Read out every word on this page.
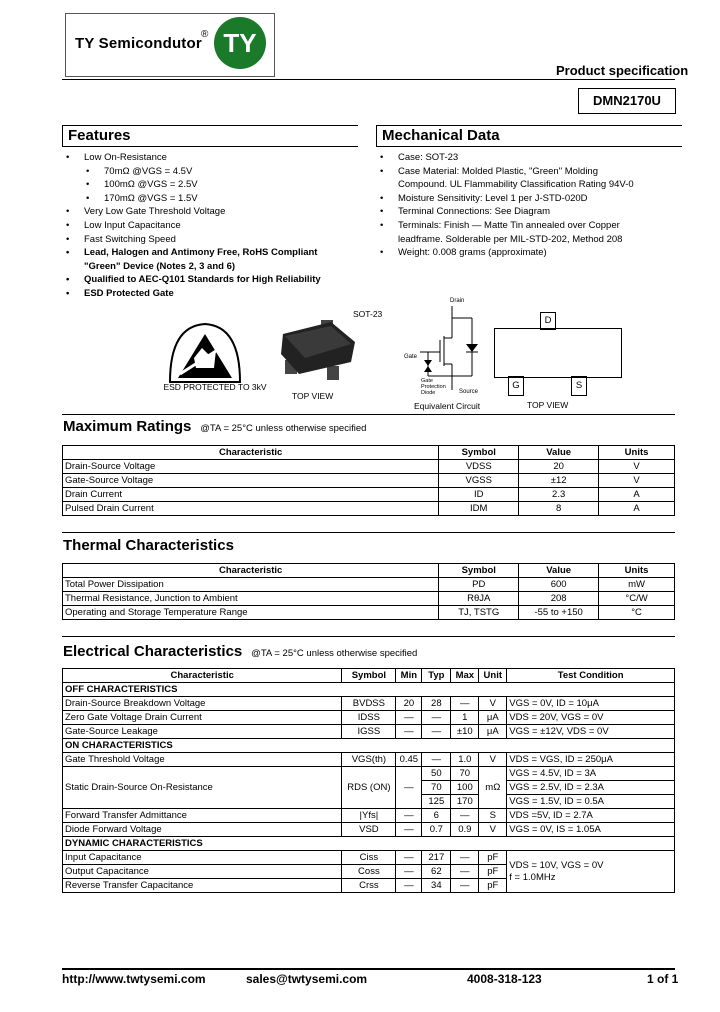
TY Semicondutor
® TY
Product specification
DMN2170U
Features
• Low On-Resistance
• 70mΩ @VGS = 4.5V
• 100mΩ @VGS = 2.5V
• 170mΩ @VGS = 1.5V
• Very Low Gate Threshold Voltage
• Low Input Capacitance
• Fast Switching Speed
• Lead, Halogen and Antimony Free, RoHS Compliant
"Green" Device (Notes 2, 3 and 6)
• Qualified to AEC-Q101 Standards for High Reliability
• ESD Protected Gate
Mechanical Data
• Case: SOT-23
• Case Material: Molded Plastic, "Green" Molding
Compound. UL Flammability Classification Rating 94V-0
• Moisture Sensitivity: Level 1 per J-STD-020D
• Terminal Connections: See Diagram
• Terminals: Finish — Matte Tin annealed over Copper
leadframe. Solderable per MIL-STD-202, Method 208
• Weight: 0.008 grams (approximate)
ESD PROTECTED TO 3kV
SOT-23
TOP VIEW
Drain
Gate
Gate
Protection
Diode	Source
Equivalent Circuit
D
G	S
TOP VIEW
Maximum Ratings @TA = 25°C unless otherwise specified
Characteristic	Symbol	Value	Units
Drain-Source Voltage	VDSS	20	V
Gate-Source Voltage	VGSS	±12	V
Drain Current	ID	2.3	A
Pulsed Drain Current	IDM	8	A
Thermal Characteristics
Characteristic	Symbol	Value	Units
Total Power Dissipation	PD	600	mW
Thermal Resistance, Junction to Ambient	RθJA	208	°C/W
Operating and Storage Temperature Range	TJ, TSTG	-55 to +150	°C
Electrical Characteristics @TA = 25°C unless otherwise specified
Characteristic	Symbol	Min	Typ	Max	Unit	Test Condition
OFF CHARACTERISTICS						
Drain-Source Breakdown Voltage	BVDSS	20	28	—	V	VGS = 0V, ID = 10μA
Zero Gate Voltage Drain Current	IDSS	—	—	1	μA	VDS = 20V, VGS = 0V
Gate-Source Leakage	IGSS	—	—	±10	μA	VGS = ±12V, VDS = 0V
ON CHARACTERISTICS						
Gate Threshold Voltage	VGS(th)	0.45	—	1.0	V	VDS = VGS, ID = 250μA
Static Drain-Source On-Resistance	RDS (ON)	—	50	70	mΩ	VGS = 4.5V, ID = 3A
			70	100		VGS = 2.5V, ID = 2.3A
			125	170		VGS = 1.5V, ID = 0.5A
Forward Transfer Admittance	|Yfs|	—	6	—	S	VDS =5V, ID = 2.7A
Diode Forward Voltage	VSD	—	0.7	0.9	V	VGS = 0V, IS = 1.05A
DYNAMIC CHARACTERISTICS						
Input Capacitance	Ciss	—	217	—	pF	VDS = 10V, VGS = 0V
f = 1.0MHz

Output Capacitance	Coss	—	62	—	pF	
Reverse Transfer Capacitance	Crss	—	34	—	pF	
http://www.twtysemi.com	sales@twtysemi.com	4008-318-123	1 of 1
